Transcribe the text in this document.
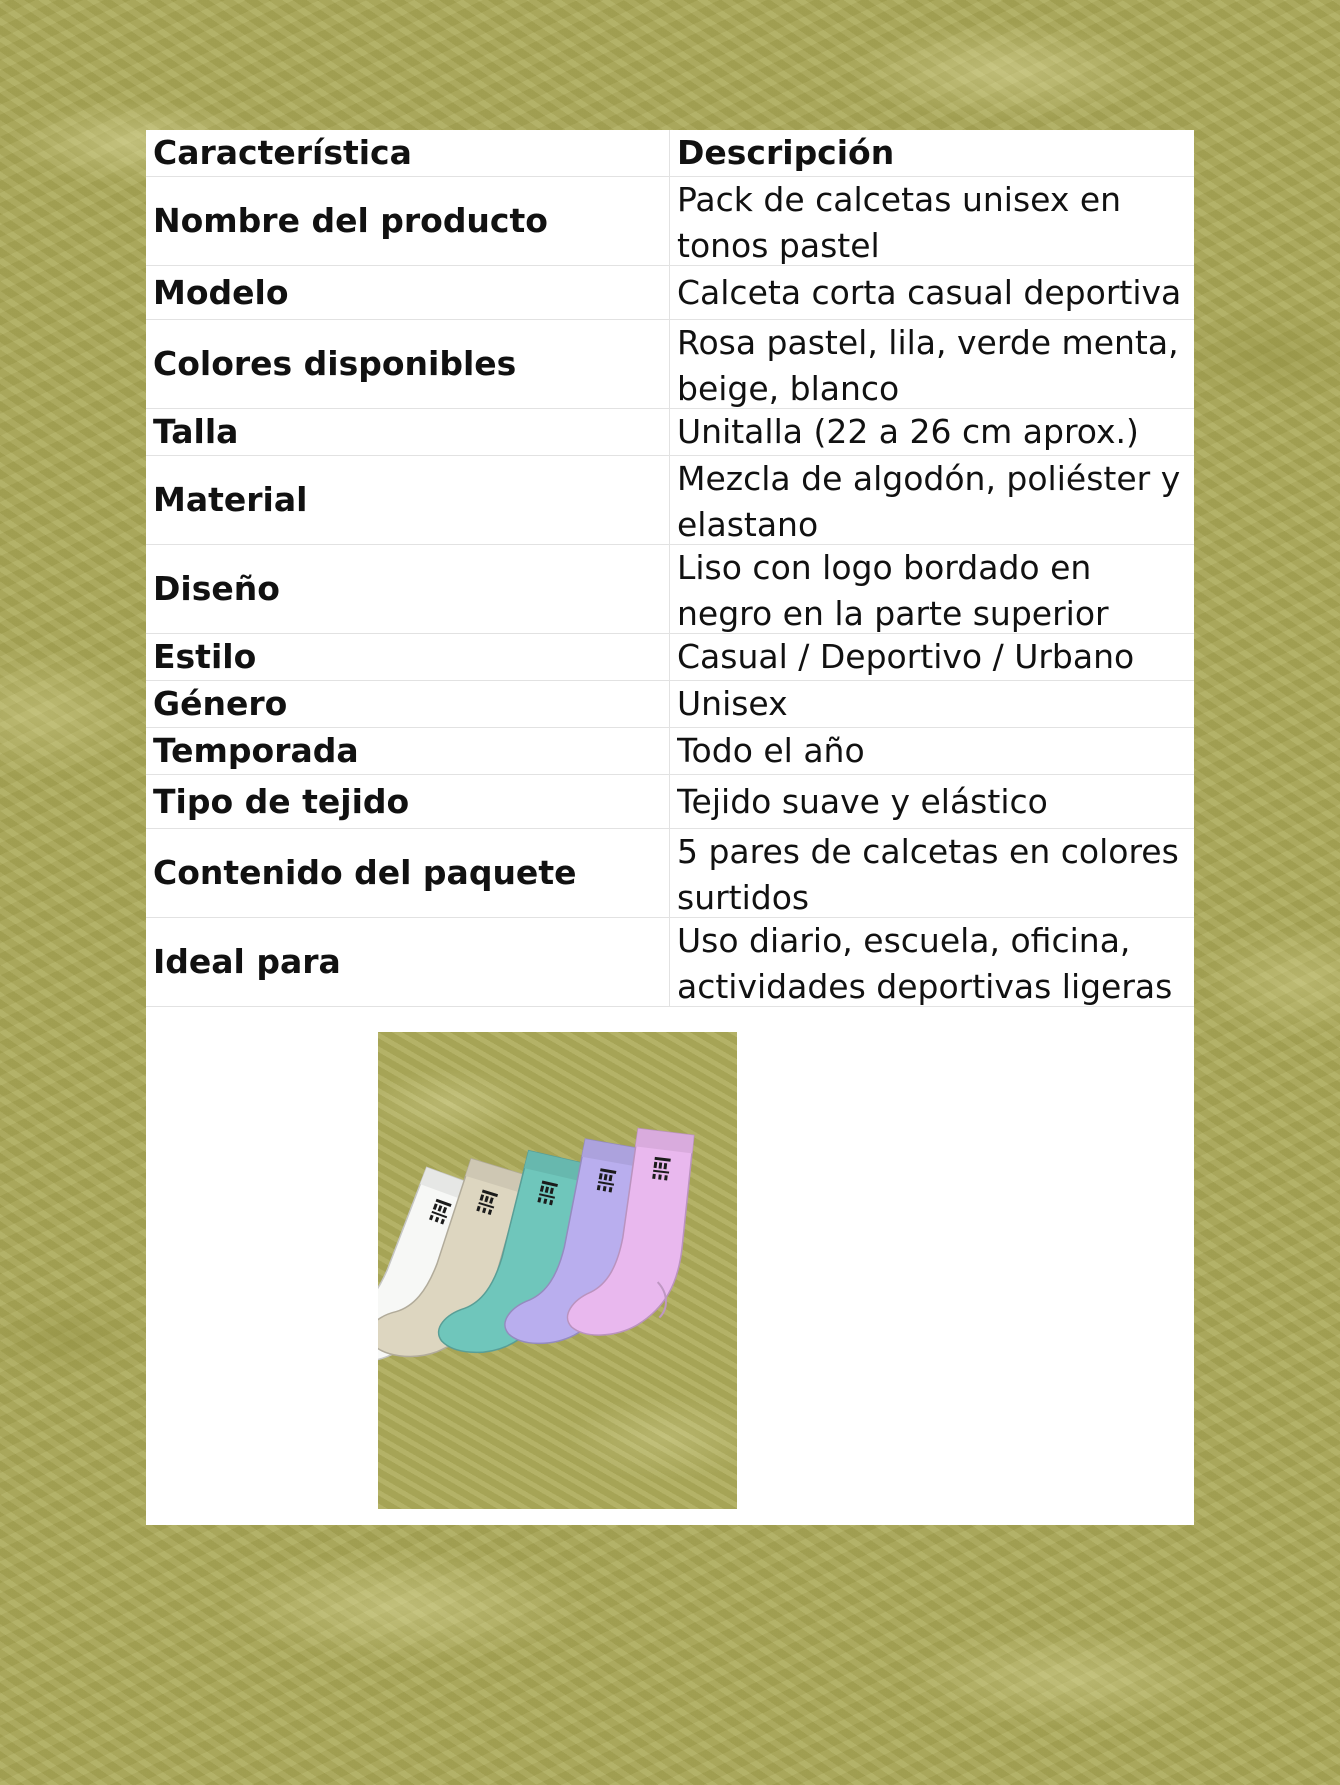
Característica	Descripción
Nombre del producto	Pack de calcetas unisex en tonos pastel

Modelo	Calceta corta casual deportiva

Colores disponibles	Rosa pastel, lila, verde menta, beige, blanco

Talla	Unitalla (22 a 26 cm aprox.)

Material	Mezcla de algodón, poliéster y elastano

Diseño	Liso con logo bordado en negro en la parte superior

Estilo	Casual / Deportivo / Urbano

Género	Unisex

Temporada	Todo el año

Tipo de tejido	Tejido suave y elástico

Contenido del paquete	5 pares de calcetas en colores surtidos

Ideal para	Uso diario, escuela, oficina, actividades deportivas ligeras
